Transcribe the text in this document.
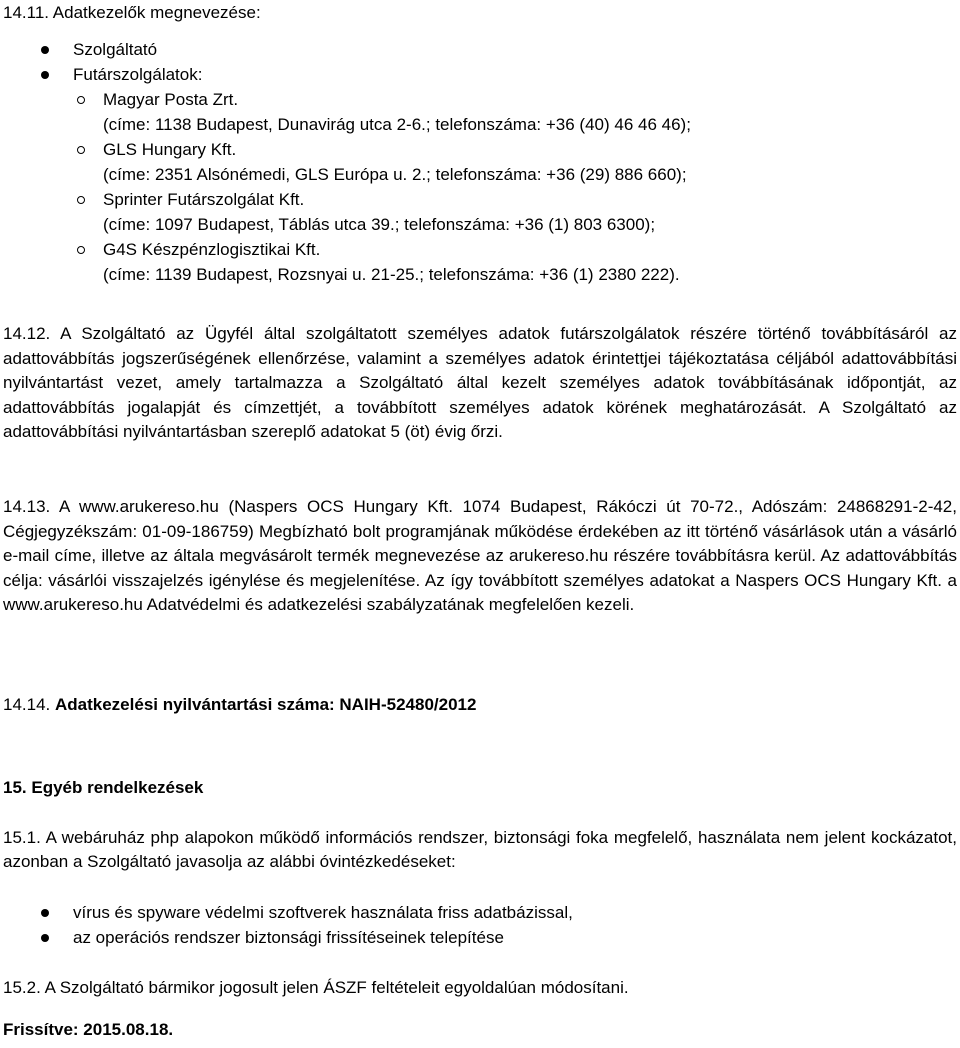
14.11. Adatkezelők megnevezése:
Szolgáltató
Futárszolgálatok:
Magyar Posta Zrt.
(címe: 1138 Budapest, Dunavirág utca 2-6.; telefonszáma: +36 (40) 46 46 46);
GLS Hungary Kft.
(címe: 2351 Alsónémedi, GLS Európa u. 2.; telefonszáma: +36 (29) 886 660);
Sprinter Futárszolgálat Kft.
(címe: 1097 Budapest, Táblás utca 39.; telefonszáma: +36 (1) 803 6300);
G4S Készpénzlogisztikai Kft.
(címe: 1139 Budapest, Rozsnyai u. 21-25.; telefonszáma: +36 (1) 2380 222).
14.12. A Szolgáltató az Ügyfél által szolgáltatott személyes adatok futárszolgálatok részére történő továbbításáról az adattovábbítás jogszerűségének ellenőrzése, valamint a személyes adatok érintettjei tájékoztatása céljából adattovábbítási nyilvántartást vezet, amely tartalmazza a Szolgáltató által kezelt személyes adatok továbbításának időpontját, az adattovábbítás jogalapját és címzettjét, a továbbított személyes adatok körének meghatározását. A Szolgáltató az adattovábbítási nyilvántartásban szereplő adatokat 5 (öt) évig őrzi.
14.13. A www.arukereso.hu (Naspers OCS Hungary Kft. 1074 Budapest, Rákóczi út 70-72., Adószám: 24868291-2-42, Cégjegyzékszám: 01-09-186759) Megbízható bolt programjának működése érdekében az itt történő vásárlások után a vásárló e-mail címe, illetve az általa megvásárolt termék megnevezése az arukereso.hu részére továbbításra kerül. Az adattovábbítás célja: vásárlói visszajelzés igénylése és megjelenítése. Az így továbbított személyes adatokat a Naspers OCS Hungary Kft. a www.arukereso.hu Adatvédelmi és adatkezelési szabályzatának megfelelően kezeli.
14.14. Adatkezelési nyilvántartási száma: NAIH-52480/2012
15. Egyéb rendelkezések
15.1. A webáruház php alapokon működő információs rendszer, biztonsági foka megfelelő, használata nem jelent kockázatot, azonban a Szolgáltató javasolja az alábbi óvintézkedéseket:
vírus és spyware védelmi szoftverek használata friss adatbázissal,
az operációs rendszer biztonsági frissítéseinek telepítése
15.2. A Szolgáltató bármikor jogosult jelen ÁSZF feltételeit egyoldalúan módosítani.
Frissítve: 2015.08.18.
